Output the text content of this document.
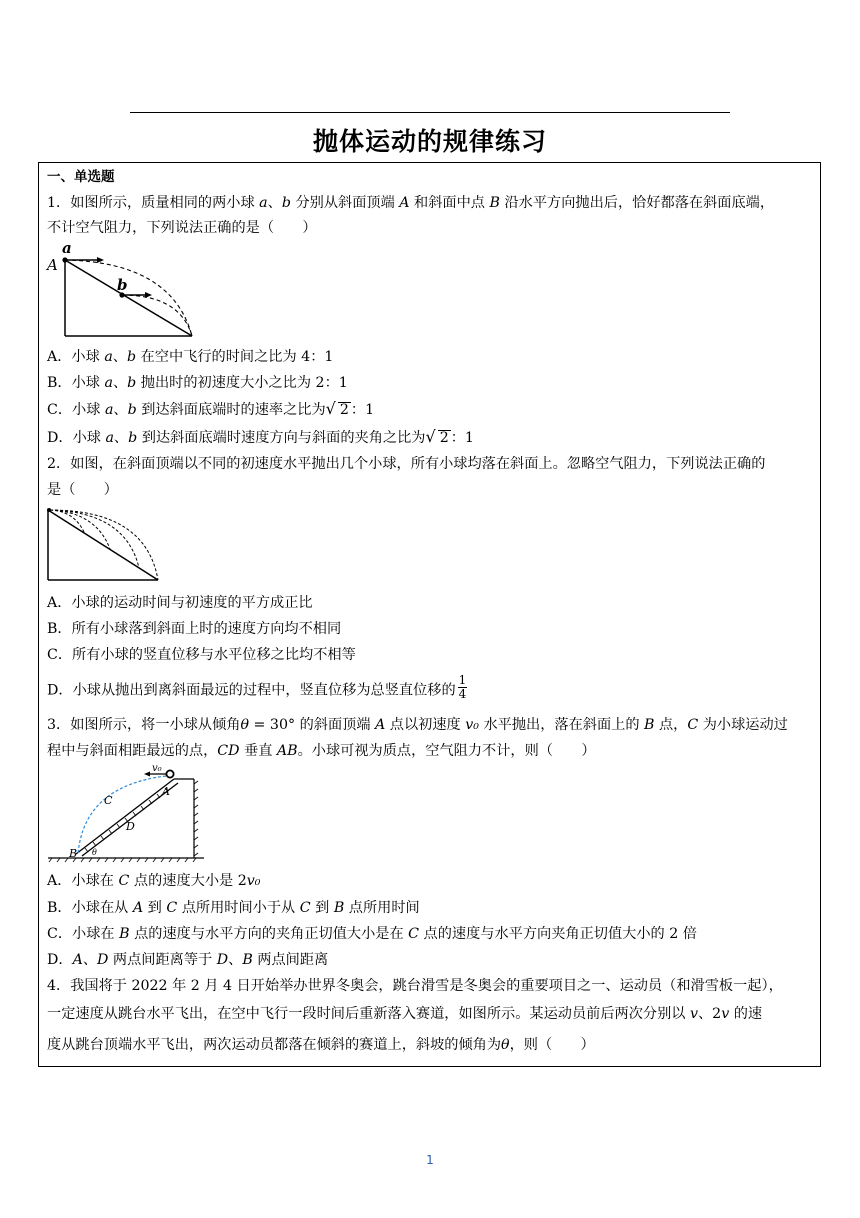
抛体运动的规律练习
一、单选题
1．如图所示，质量相同的两小球 a、b 分别从斜面顶端 A 和斜面中点 B 沿水平方向抛出后，恰好都落在斜面底端，
不计空气阻力，下列说法正确的是（　　）
a
A
b
A．小球 a、b 在空中飞行的时间之比为 4：1
B．小球 a、b 抛出时的初速度大小之比为 2：1
C．小球 a、b 到达斜面底端时的速率之比为√ 2 ：1
D．小球 a、b 到达斜面底端时速度方向与斜面的夹角之比为√ 2 ：1
2．如图，在斜面顶端以不同的初速度水平抛出几个小球，所有小球均落在斜面上。忽略空气阻力，下列说法正确的
是（　　）
A．小球的运动时间与初速度的平方成正比
B．所有小球落到斜面上时的速度方向均不相同
C．所有小球的竖直位移与水平位移之比均不相等
D．小球从抛出到离斜面最远的过程中，竖直位移为总竖直位移的 $\frac{1}{4}$
3．如图所示，将一小球从倾角θ = 30° 的斜面顶端 A 点以初速度 v₀ 水平抛出，落在斜面上的 B 点，C 为小球运动过
程中与斜面相距最远的点，CD 垂直 AB。小球可视为质点，空气阻力不计，则（　　）
v₀
A
C
D
B θ
A．小球在 C 点的速度大小是 2v₀
B．小球在从 A 到 C 点所用时间小于从 C 到 B 点所用时间
C．小球在 B 点的速度与水平方向的夹角正切值大小是在 C 点的速度与水平方向夹角正切值大小的 2 倍
D．A、D 两点间距离等于 D、B 两点间距离
4．我国将于 2022 年 2 月 4 日开始举办世界冬奥会，跳台滑雪是冬奥会的重要项目之一、运动员（和滑雪板一起），
一定速度从跳台水平飞出，在空中飞行一段时间后重新落入赛道，如图所示。某运动员前后两次分别以 v、2v 的速
度从跳台顶端水平飞出，两次运动员都落在倾斜的赛道上，斜坡的倾角为θ，则（　　）
1
